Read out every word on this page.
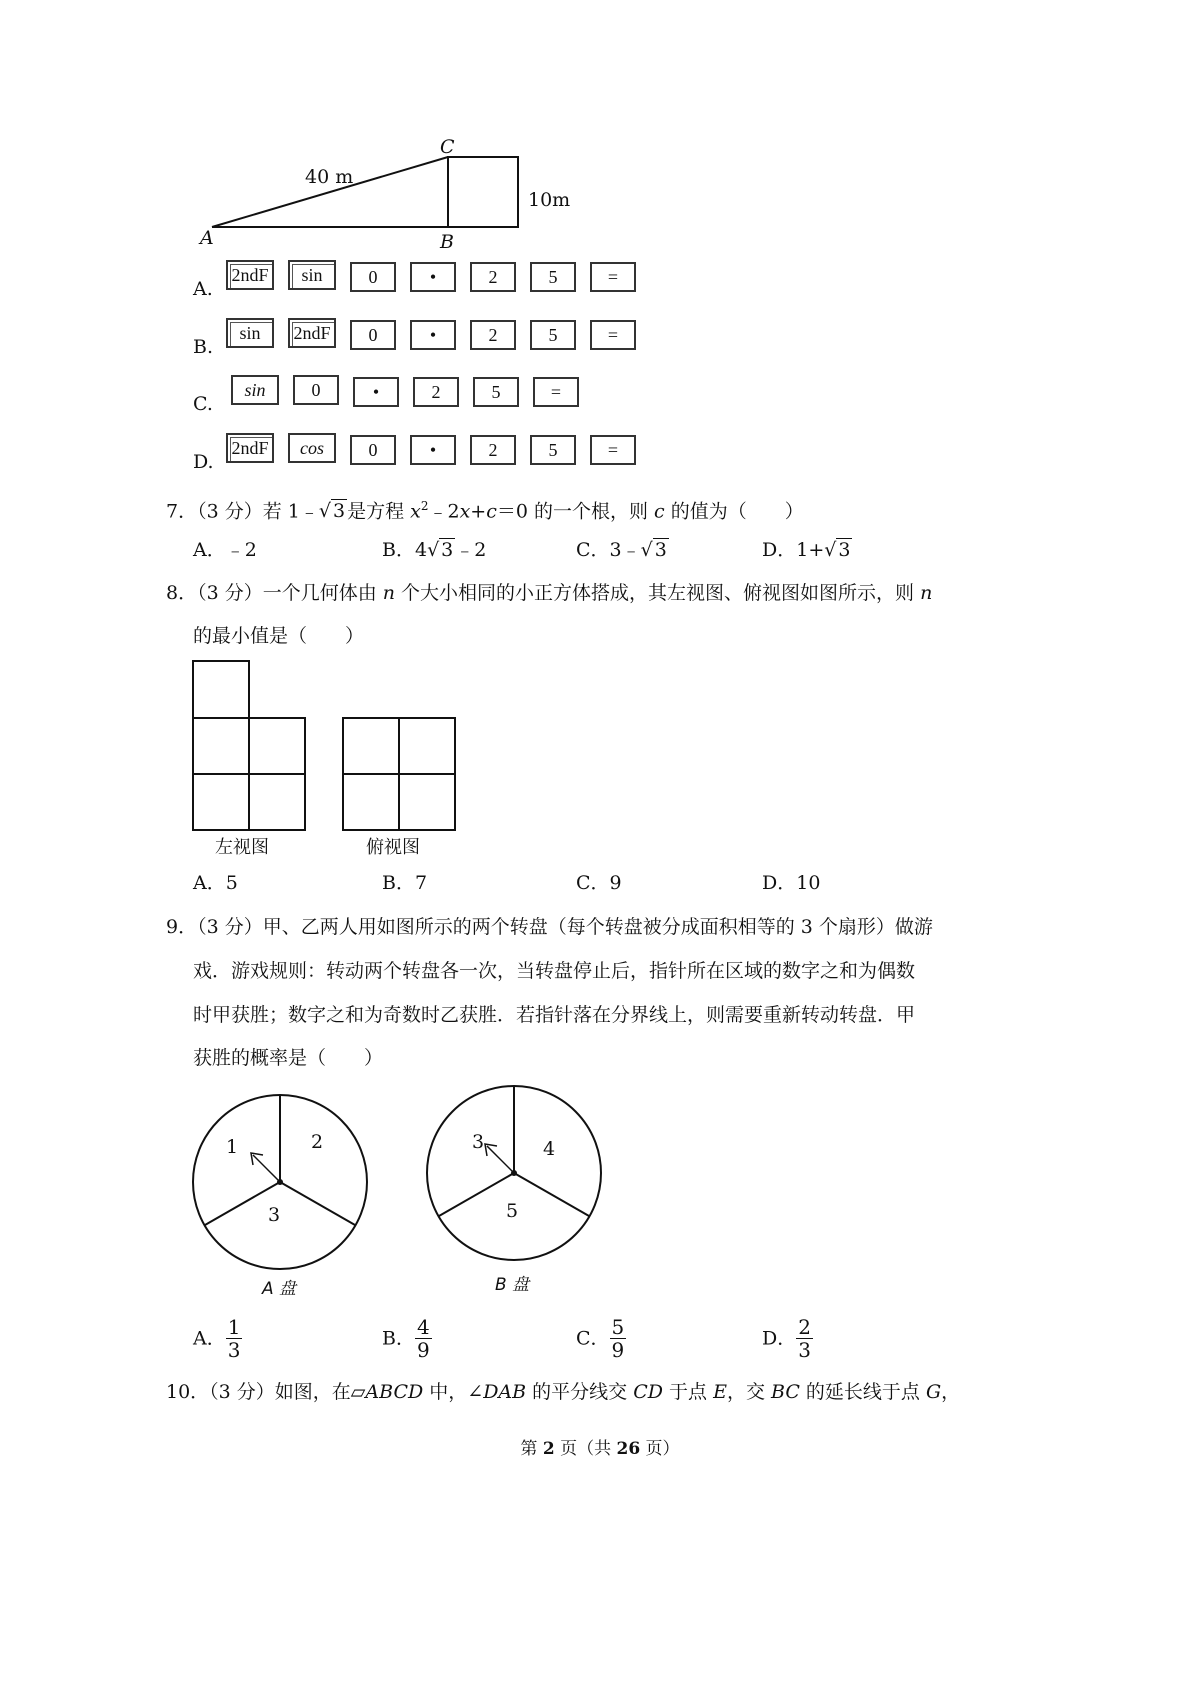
A	B
C
40 m
10m
A.
2ndF	sin	0	•	2	5	=
B.
sin	2ndF	0	•	2	5	=
C.
sin	0	•	2	5	=
D.
2ndF	cos	0	•	2	5	=
7．（3 分）若 1﹣√ 3 是方程 $x^2﹣2x+c=0$ 的一个根，则 c 的值为（　　）
A．﹣2	B．4√ 3 ﹣2	C．3﹣√ 3	D．1+√ 3
8．（3 分）一个几何体由 n 个大小相同的小正方体搭成，其左视图、俯视图如图所示，则 n
的最小值是（　　）
左视图	俯视图
A．5	B．7	C．9	D．10
9．（3 分）甲、乙两人用如图所示的两个转盘（每个转盘被分成面积相等的 3 个扇形）做游
戏．游戏规则：转动两个转盘各一次，当转盘停止后，指针所在区域的数字之和为偶数
时甲获胜；数字之和为奇数时乙获胜．若指针落在分界线上，则需要重新转动转盘．甲
获胜的概率是（　　）
1	2
3
A 盘
3	4
5
B 盘
A． $\frac{1}{3}$	B． $\frac{4}{9}$	C． $\frac{5}{9}$	D． $\frac{2}{3}$
10．（3 分）如图，在▱ABCD 中，∠DAB 的平分线交 CD 于点 E，交 BC 的延长线于点 G，
第 2 页（共 26 页）
